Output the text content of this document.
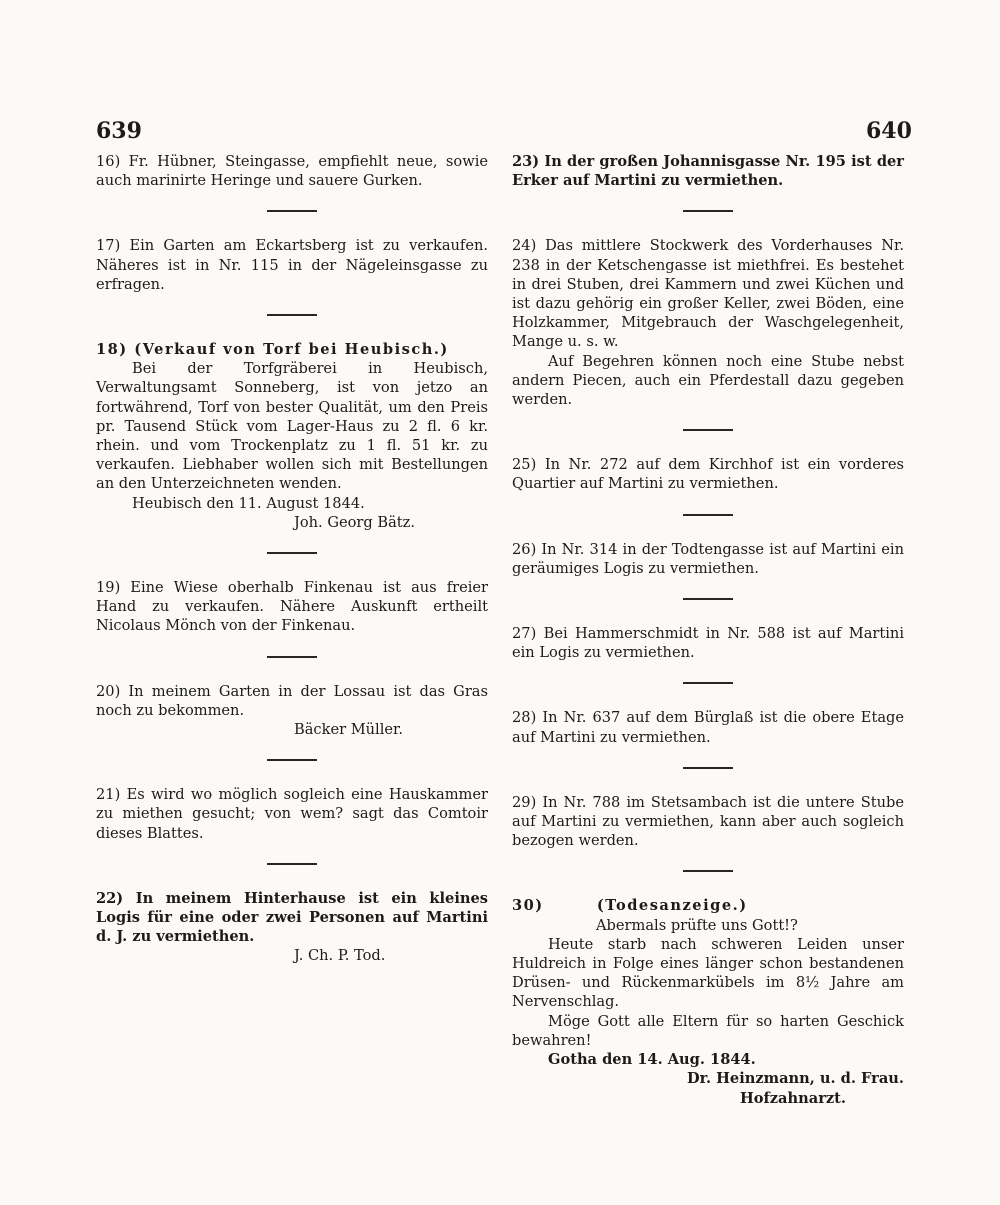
639	640

16) Fr. Hübner, Steingasse, empfiehlt neue, sowie auch marinirte Heringe und sauere Gurken.

17) Ein Garten am Eckartsberg ist zu verkaufen. Näheres ist in Nr. 115 in der Nägeleinsgasse zu erfragen.

18) (Verkauf von Torf bei Heubisch.)

Bei der Torfgräberei in Heubisch, Verwaltungsamt Sonneberg, ist von jetzo an fortwährend, Torf von bester Qualität, um den Preis pr. Tausend Stück vom Lager-Haus zu 2 fl. 6 kr. rhein. und vom Trockenplatz zu 1 fl. 51 kr. zu verkaufen. Liebhaber wollen sich mit Bestellungen an den Unterzeichneten wenden.

Heubisch den 11. August 1844.

Joh. Georg Bätz.

19) Eine Wiese oberhalb Finkenau ist aus freier Hand zu verkaufen. Nähere Auskunft ertheilt Nicolaus Mönch von der Finkenau.

20) In meinem Garten in der Lossau ist das Gras noch zu bekommen.

Bäcker Müller.

21) Es wird wo möglich sogleich eine Hauskammer zu miethen gesucht; von wem? sagt das Comtoir dieses Blattes.

22) In meinem Hinterhause ist ein kleines Logis für eine oder zwei Personen auf Martini d. J. zu vermiethen.

J. Ch. P. Tod.

23) In der großen Johannisgasse Nr. 195 ist der Erker auf Martini zu vermiethen.

24) Das mittlere Stockwerk des Vorderhauses Nr. 238 in der Ketschengasse ist miethfrei. Es bestehet in drei Stuben, drei Kammern und zwei Küchen und ist dazu gehörig ein großer Keller, zwei Böden, eine Holzkammer, Mitgebrauch der Waschgelegenheit, Mange u. s. w.

Auf Begehren können noch eine Stube nebst andern Piecen, auch ein Pferdestall dazu gegeben werden.

25) In Nr. 272 auf dem Kirchhof ist ein vorderes Quartier auf Martini zu vermiethen.

26) In Nr. 314 in der Todtengasse ist auf Martini ein geräumiges Logis zu vermiethen.

27) Bei Hammerschmidt in Nr. 588 ist auf Martini ein Logis zu vermiethen.

28) In Nr. 637 auf dem Bürglaß ist die obere Etage auf Martini zu vermiethen.

29) In Nr. 788 im Stetsambach ist die untere Stube auf Martini zu vermiethen, kann aber auch sogleich bezogen werden.

30)	(Todesanzeige.)

Abermals prüfte uns Gott!?

Heute starb nach schweren Leiden unser Huldreich in Folge eines länger schon bestandenen Drüsen- und Rückenmarkübels im 8½ Jahre am Nervenschlag.

Möge Gott alle Eltern für so harten Geschick bewahren!

Gotha den 14. Aug. 1844.

Dr. Heinzmann, u. d. Frau.

Hofzahnarzt.
